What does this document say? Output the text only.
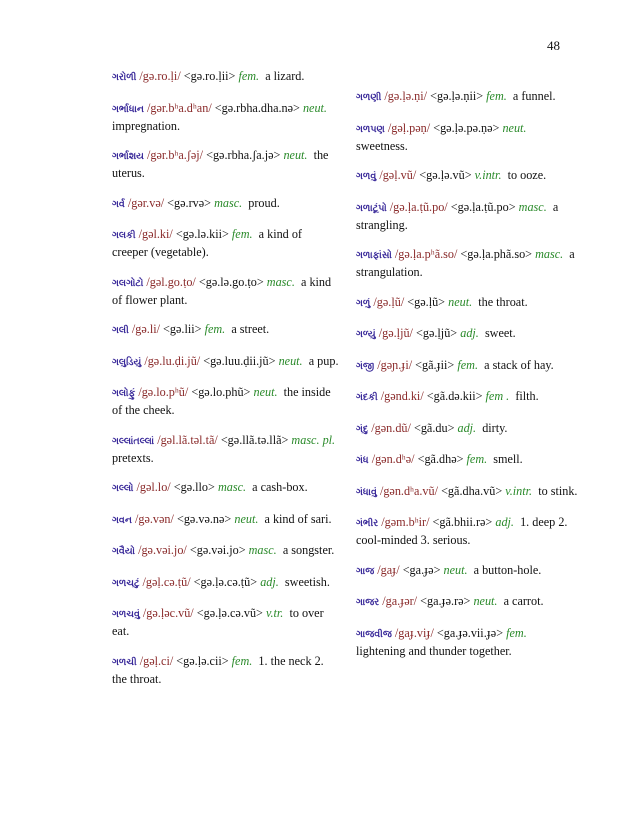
48
ગરોળી /gə.ro.ḷi/ <gə.ro.ḷii> fem. a lizard.
ગર્ભાધાન /gər.bʰa.dʰan/ <gə.rbha.dha.nə> neut.  impregnation.
ગર્ભાશય /gər.bʰa.ʃəj/ <gə.rbha.ʃa.jə> neut. the uterus.
ગર્વ /gər.və/ <gə.rvə> masc. proud.
ગલકી /gəl.ki/ <gə.lə.kii> fem. a kind of creeper (vegetable).
ગલગોટો /gəl.go.ṭo/ <gə.lə.go.ṭo> masc. a kind of flower plant.
ગલી /gə.li/ <gə.lii> fem. a street.
ગલુડિયું /gə.lu.ḍi.jũ/ <gə.luu.ḍii.jũ> neut. a pup.
ગલોફું /gə.lo.pʰũ/ <gə.lo.phũ> neut. the inside of the cheek.
ગલ્લાંતલ્લાં /gəl.lã.təl.tã/ <gə.llã.tə.llã> masc. pl.  pretexts.
ગલ્લો /gəl.lo/ <gə.llo> masc. a cash-box.
ગવન /gə.vən/ <gə.və.nə> neut. a kind of sari.
ગવૈયો /gə.vəi.jo/ <gə.vəi.jo> masc. a songster.
ગળચટું /gəḷ.cə.ṭũ/ <gə.ḷə.cə.ṭũ> adj. sweetish.
ગળચવું /gə.ḷəc.vũ/ <gə.ḷə.cə.vũ> v.tr. to over eat.
ગળચી /gəḷ.ci/ <gə.ḷə.cii> fem. 1. the neck 2. the throat.
ગળણી /gə.ḷə.ṇi/ <gə.ḷə.ṇii> fem. a funnel.
ગળપણ /gəḷ.pəṇ/ <gə.ḷə.pə.ṇə> neut.  sweetness.
ગળવું /gəḷ.vũ/ <gə.ḷə.vũ> v.intr. to ooze.
ગળાટૂંપો /gə.ḷa.ṭũ.po/ <gə.ḷa.ṭũ.po> masc. a strangling.
ગળાફાંસો /gə.ḷa.pʰã.so/ <gə.ḷa.phã.so> masc. a strangulation.
ગળું /gə.ḷũ/ <gə.ḷũ> neut. the throat.
ગળ્યું /gə.ḷjũ/ <gə.ḷjũ> adj. sweet.
ગંજી /gəɲ.ɟi/ <gã.ɟii> fem. a stack of hay.
ગંદકી /gənd.ki/ <gã.də.kii> fem . filth.
ગંદુ /gən.dũ/ <gã.du> adj. dirty.
ગંધ /gən.dʰə/ <gã.dhə> fem. smell.
ગંધાવું /gən.dʰa.vũ/ <gã.dha.vũ> v.intr. to stink.
ગંભીર /gəm.bʰir/ <gã.bhii.rə> adj. 1. deep 2. cool-minded 3. serious.
ગાજ /gaɟ/ <ga.ɟə> neut. a button-hole.
ગાજર /ga.ɟər/ <ga.ɟə.rə> neut. a carrot.
ગાજવીજ /gaɟ.viɟ/ <ga.ɟə.vii.ɟə> fem.  lightening and thunder together.
